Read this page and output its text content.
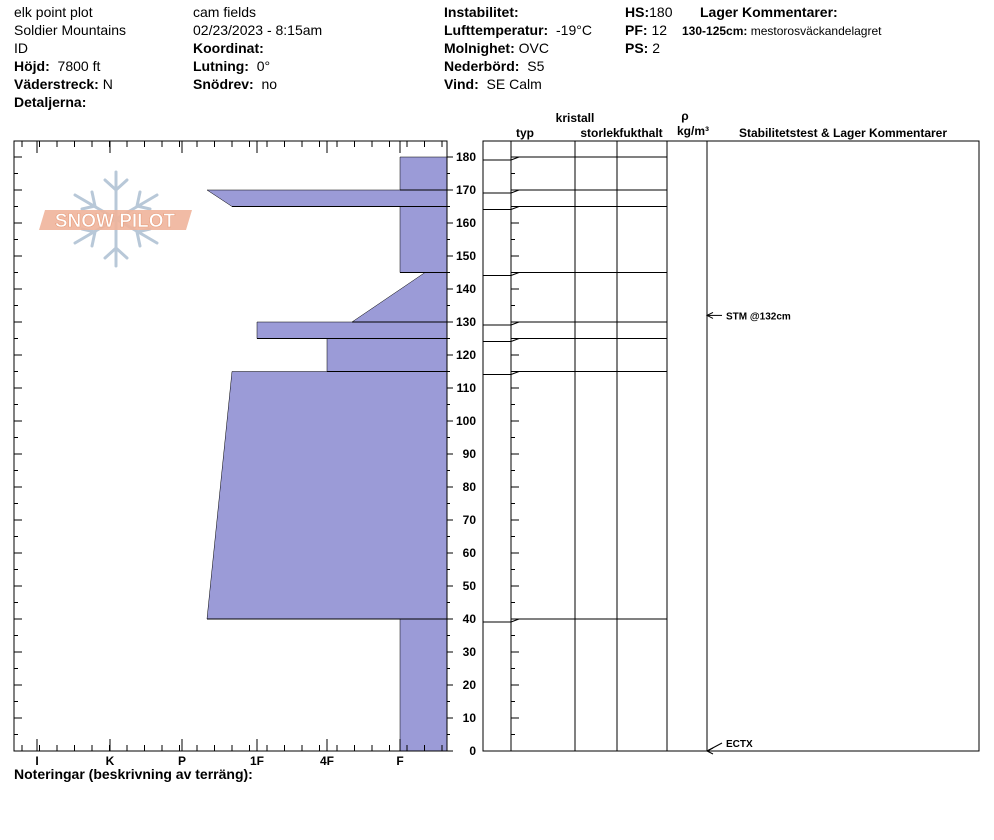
elk point plot
Soldier Mountains
ID
Höjd: 7800 ft
Väderstreck: N
Detaljerna:
cam fields
02/23/2023 - 8:15am
Koordinat:
Lutning: 0°
Snödrev: no
Instabilitet:
Lufttemperatur: -19°C
Molnighet: OVC
Nederbörd: S5
Vind: SE Calm
HS:180
PF: 12
PS: 2
Lager Kommentarer:
130-125cm: mestorosväckandelagret
SNOW PILOT
I	K	P	1F	4F	F
0
10
20
30
40
50
60
70
80
90
100
110
120
130
140
150
160
170
180
kristall
typ	storlek fukthalt
ρ
kg/m³ Stabilitetstest & Lager Kommentarer
STM @132cm
ECTX
Noteringar (beskrivning av terräng):
